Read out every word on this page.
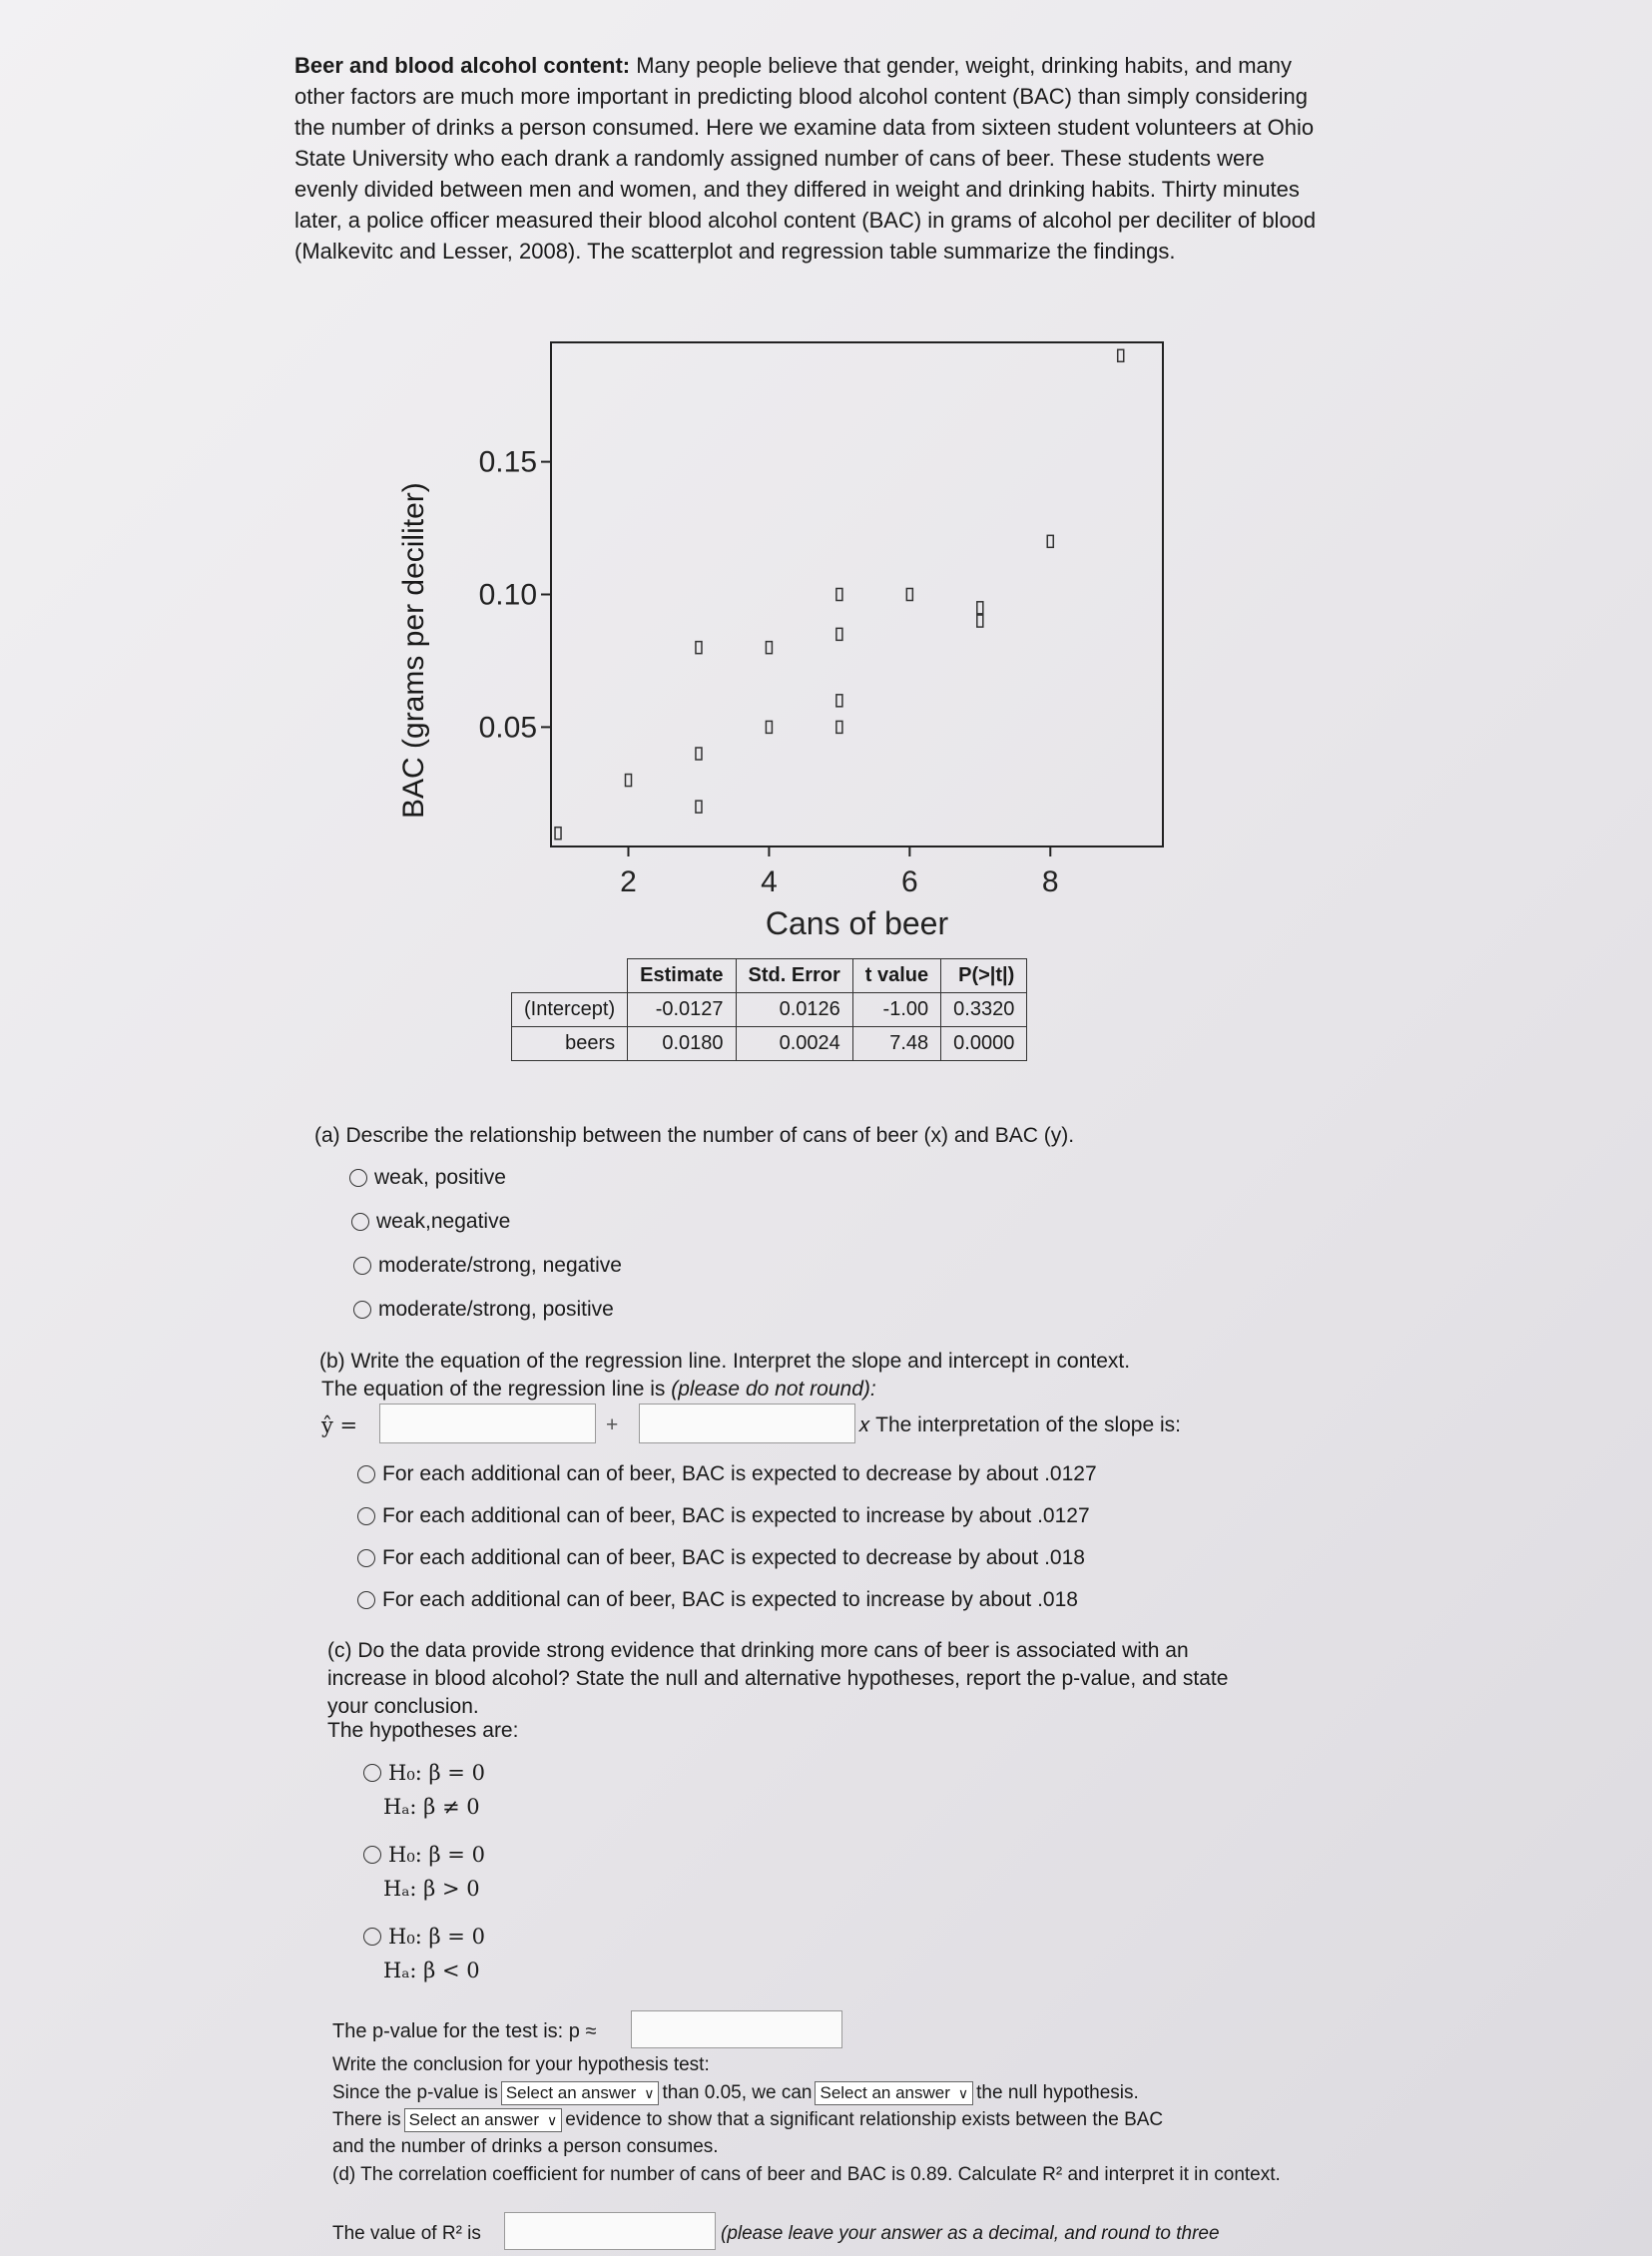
Beer and blood alcohol content: Many people believe that gender, weight, drinking habits, and many other factors are much more important in predicting blood alcohol content (BAC) than simply considering the number of drinks a person consumed. Here we examine data from sixteen student volunteers at Ohio State University who each drank a randomly assigned number of cans of beer. These students were evenly divided between men and women, and they differed in weight and drinking habits. Thirty minutes later, a police officer measured their blood alcohol content (BAC) in grams of alcohol per deciliter of blood (Malkevitc and Lesser, 2008). The scatterplot and regression table summarize the findings.
BAC (grams per deciliter) 0.05
0.10
0.15
2	4	6	8
Cans of beer
	Estimate	Std. Error	t value	P(>|t|)
(Intercept)	-0.0127	0.0126	-1.00	0.3320
beers	0.0180	0.0024	7.48	0.0000
(a) Describe the relationship between the number of cans of beer (x) and BAC (y).
weak, positive
weak,negative
moderate/strong, negative
moderate/strong, positive
(b) Write the equation of the regression line. Interpret the slope and intercept in context.
The equation of the regression line is (please do not round):
ŷ =	+	𝑥 The interpretation of the slope is:
For each additional can of beer, BAC is expected to decrease by about .0127
For each additional can of beer, BAC is expected to increase by about .0127
For each additional can of beer, BAC is expected to decrease by about .018
For each additional can of beer, BAC is expected to increase by about .018
(c) Do the data provide strong evidence that drinking more cans of beer is associated with an increase in blood alcohol? State the null and alternative hypotheses, report the p-value, and state your conclusion.
The hypotheses are:
H₀: β = 0
Hₐ: β ≠ 0
H₀: β = 0
Hₐ: β > 0
H₀: β = 0
Hₐ: β < 0
The p-value for the test is: p ≈
Write the conclusion for your hypothesis test:
Since the p-value is Select an answer ∨ than 0.05, we can Select an answer ∨ the null hypothesis.
There is Select an answer ∨ evidence to show that a significant relationship exists between the BAC
and the number of drinks a person consumes.
(d) The correlation coefficient for number of cans of beer and BAC is 0.89. Calculate R² and interpret it in context.
The value of R² is	(please leave your answer as a decimal, and round to three
